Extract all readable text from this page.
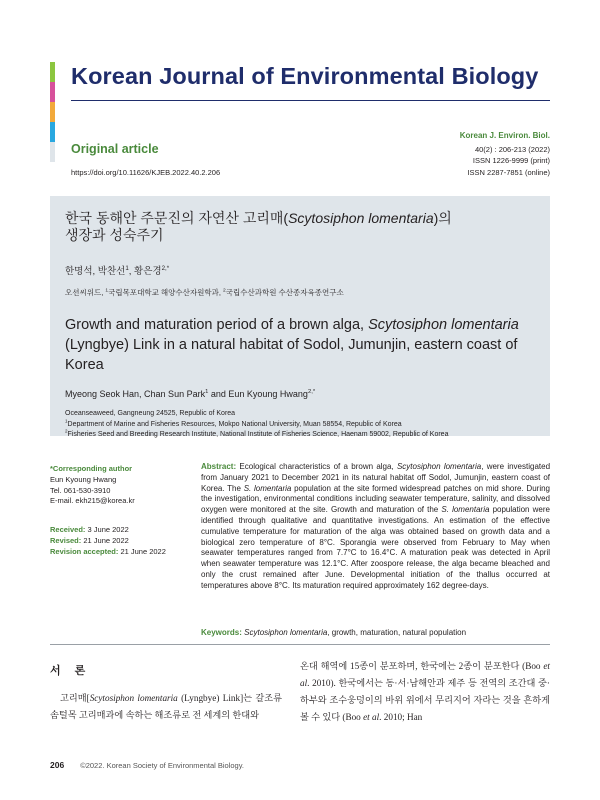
Korean Journal of Environmental Biology
Original article
https://doi.org/10.11626/KJEB.2022.40.2.206
Korean J. Environ. Biol.
40(2) : 206-213 (2022)
ISSN 1226-9999 (print)
ISSN 2287-7851 (online)
한국 동해안 주문진의 자연산 고리매(Scytosiphon lomentaria)의
생장과 성숙주기
한명석, 박찬선$^1$, 황은경$^{2,*}$
오션씨위드, $^1$국립목포대학교 해양수산자원학과, $^2$국립수산과학원 수산종자육종연구소
Growth and maturation period of a brown alga, Scytosiphon lomentaria (Lyngbye) Link in a natural habitat of Sodol, Jumunjin, eastern coast of Korea
Myeong Seok Han, Chan Sun Park$^1$ and Eun Kyoung Hwang$^{2,*}$
Oceanseaweed, Gangneung 24525, Republic of Korea
$^1$Department of Marine and Fisheries Resources, Mokpo National University, Muan 58554, Republic of Korea
$^2$Fisheries Seed and Breeding Research Institute, National Institute of Fisheries Science, Haenam 59002, Republic of Korea
*Corresponding author
Eun Kyoung Hwang
Tel. 061-530-3910
E-mail. ekh215@korea.kr
Received: 3 June 2022
Revised: 21 June 2022
Revision accepted: 21 June 2022
Abstract: Ecological characteristics of a brown alga, Scytosiphon lomentaria, were investigated from January 2021 to December 2021 in its natural habitat off Sodol, Jumunjin, eastern coast of Korea. The S. lomentaria population at the site formed widespread patches on mid shore. During the investigation, environmental conditions including seawater temperature, salinity, and dissolved oxygen were monitored at the site. Growth and maturation of the S. lomentaria population were identified through qualitative and quantitative investigations. An estimation of the effective cumulative temperature for maturation of the alga was obtained based on growth data and a biological zero temperature of 8°C. Sporangia were observed from February to May when seawater temperatures ranged from 7.7°C to 16.4°C. A maturation peak was detected in April when seawater temperature was 12.1°C. After zoospore release, the alga became bleached and only the crust remained after June. Developmental initiation of the thallus occurred at temperatures above 8°C. Its maturation required approximately 162 degree-days.
Keywords: Scytosiphon lomentaria, growth, maturation, natural population
서론
고리매[Scytosiphon lomentaria (Lyngbye) Link]는 갈조류 솜털목 고리매과에 속하는 해조류로 전 세계의 한대와
온대 해역에 15종이 분포하며, 한국에는 2종이 분포한다 (Boo et al. 2010). 한국에서는 동·서·남해안과 제주 등 전역의 조간대 중·하부와 조수웅덩이의 바위 위에서 무리지어 자라는 것을 흔하게 볼 수 있다 (Boo et al. 2010; Han
206 ©2022. Korean Society of Environmental Biology.
